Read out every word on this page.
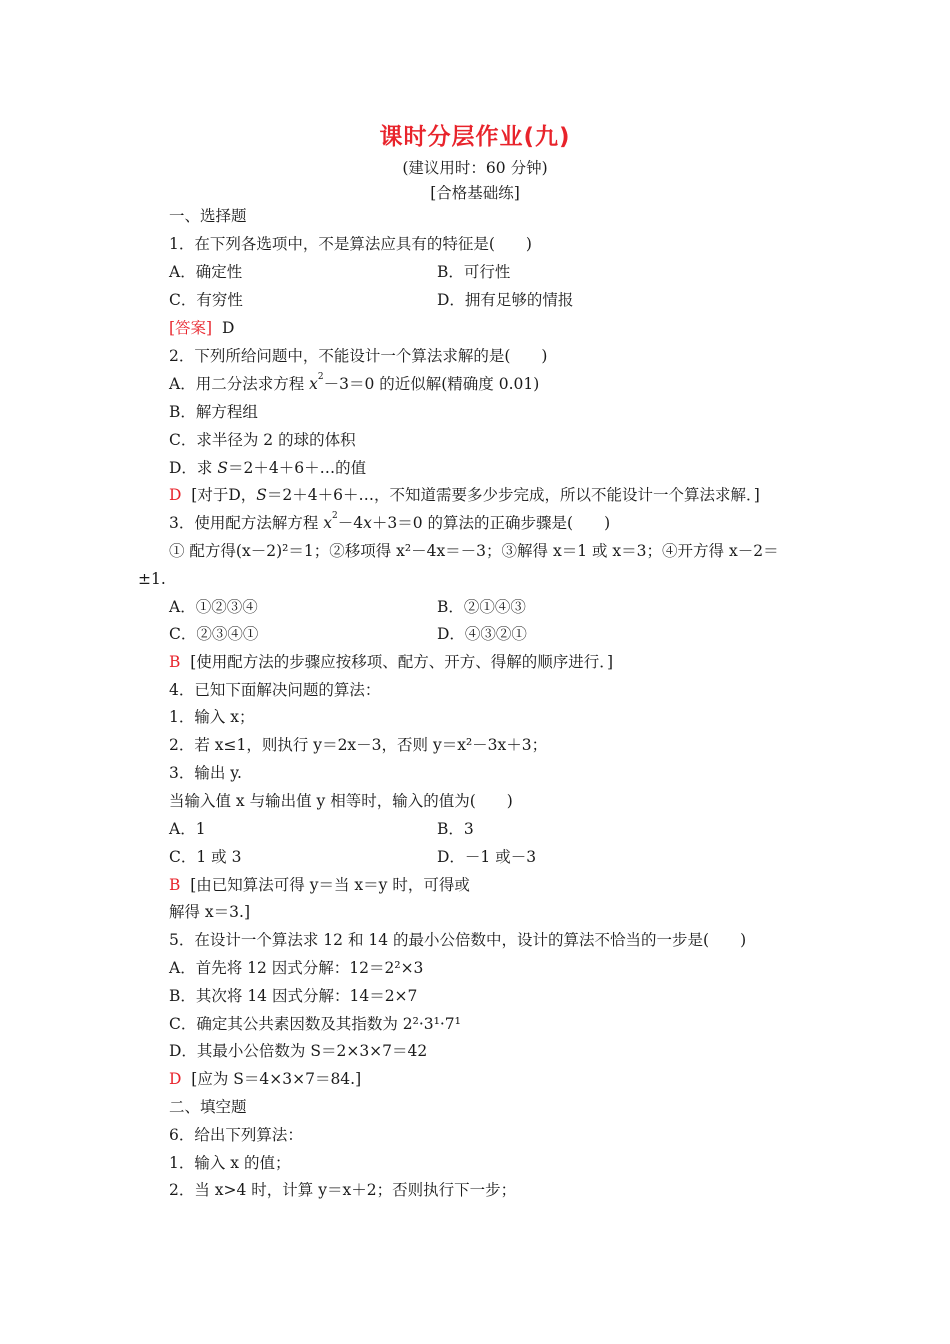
课时分层作业(九)
(建议用时：60 分钟)
[合格基础练]
一、选择题
1．在下列各选项中，不是算法应具有的特征是(　　)
A．确定性	B．可行性
C．有穷性	D．拥有足够的情报
[答案] D
2．下列所给问题中，不能设计一个算法求解的是(　　)
A．用二分法求方程 $x^2-3=0$ 的近似解(精确度 0.01)
B．解方程组
C．求半径为 2 的球的体积
D．求 S＝2＋4＋6＋…的值
D [对于D，S＝2＋4＋6＋…，不知道需要多少步完成，所以不能设计一个算法求解．]
3．使用配方法解方程 $x^2-4x+3=0$ 的算法的正确步骤是(　　)
① 配方得(x－2)²＝1；②移项得 x²－4x＝－3；③解得 x＝1 或 x＝3；④开方得 x－2＝
±1.
A．①②③④	B．②①④③
C．②③④①	D．④③②①
B [使用配方法的步骤应按移项、配方、开方、得解的顺序进行．]
4．已知下面解决问题的算法：
1．输入 x；
2．若 x≤1，则执行 y＝2x－3，否则 y＝x²－3x＋3；
3．输出 y.
当输入值 x 与输出值 y 相等时，输入的值为(　　)
A．1	B．3
C．1 或 3	D．－1 或－3
B [由已知算法可得 y＝当 x＝y 时，可得或
解得 x＝3.]
5．在设计一个算法求 12 和 14 的最小公倍数中，设计的算法不恰当的一步是(　　)
A．首先将 12 因式分解：12＝2²×3
B．其次将 14 因式分解：14＝2×7
C．确定其公共素因数及其指数为 2²·3¹·7¹
D．其最小公倍数为 S＝2×3×7＝42
D [应为 S＝4×3×7＝84.]
二、填空题
6．给出下列算法：
1．输入 x 的值；
2．当 x>4 时，计算 y＝x＋2；否则执行下一步；
